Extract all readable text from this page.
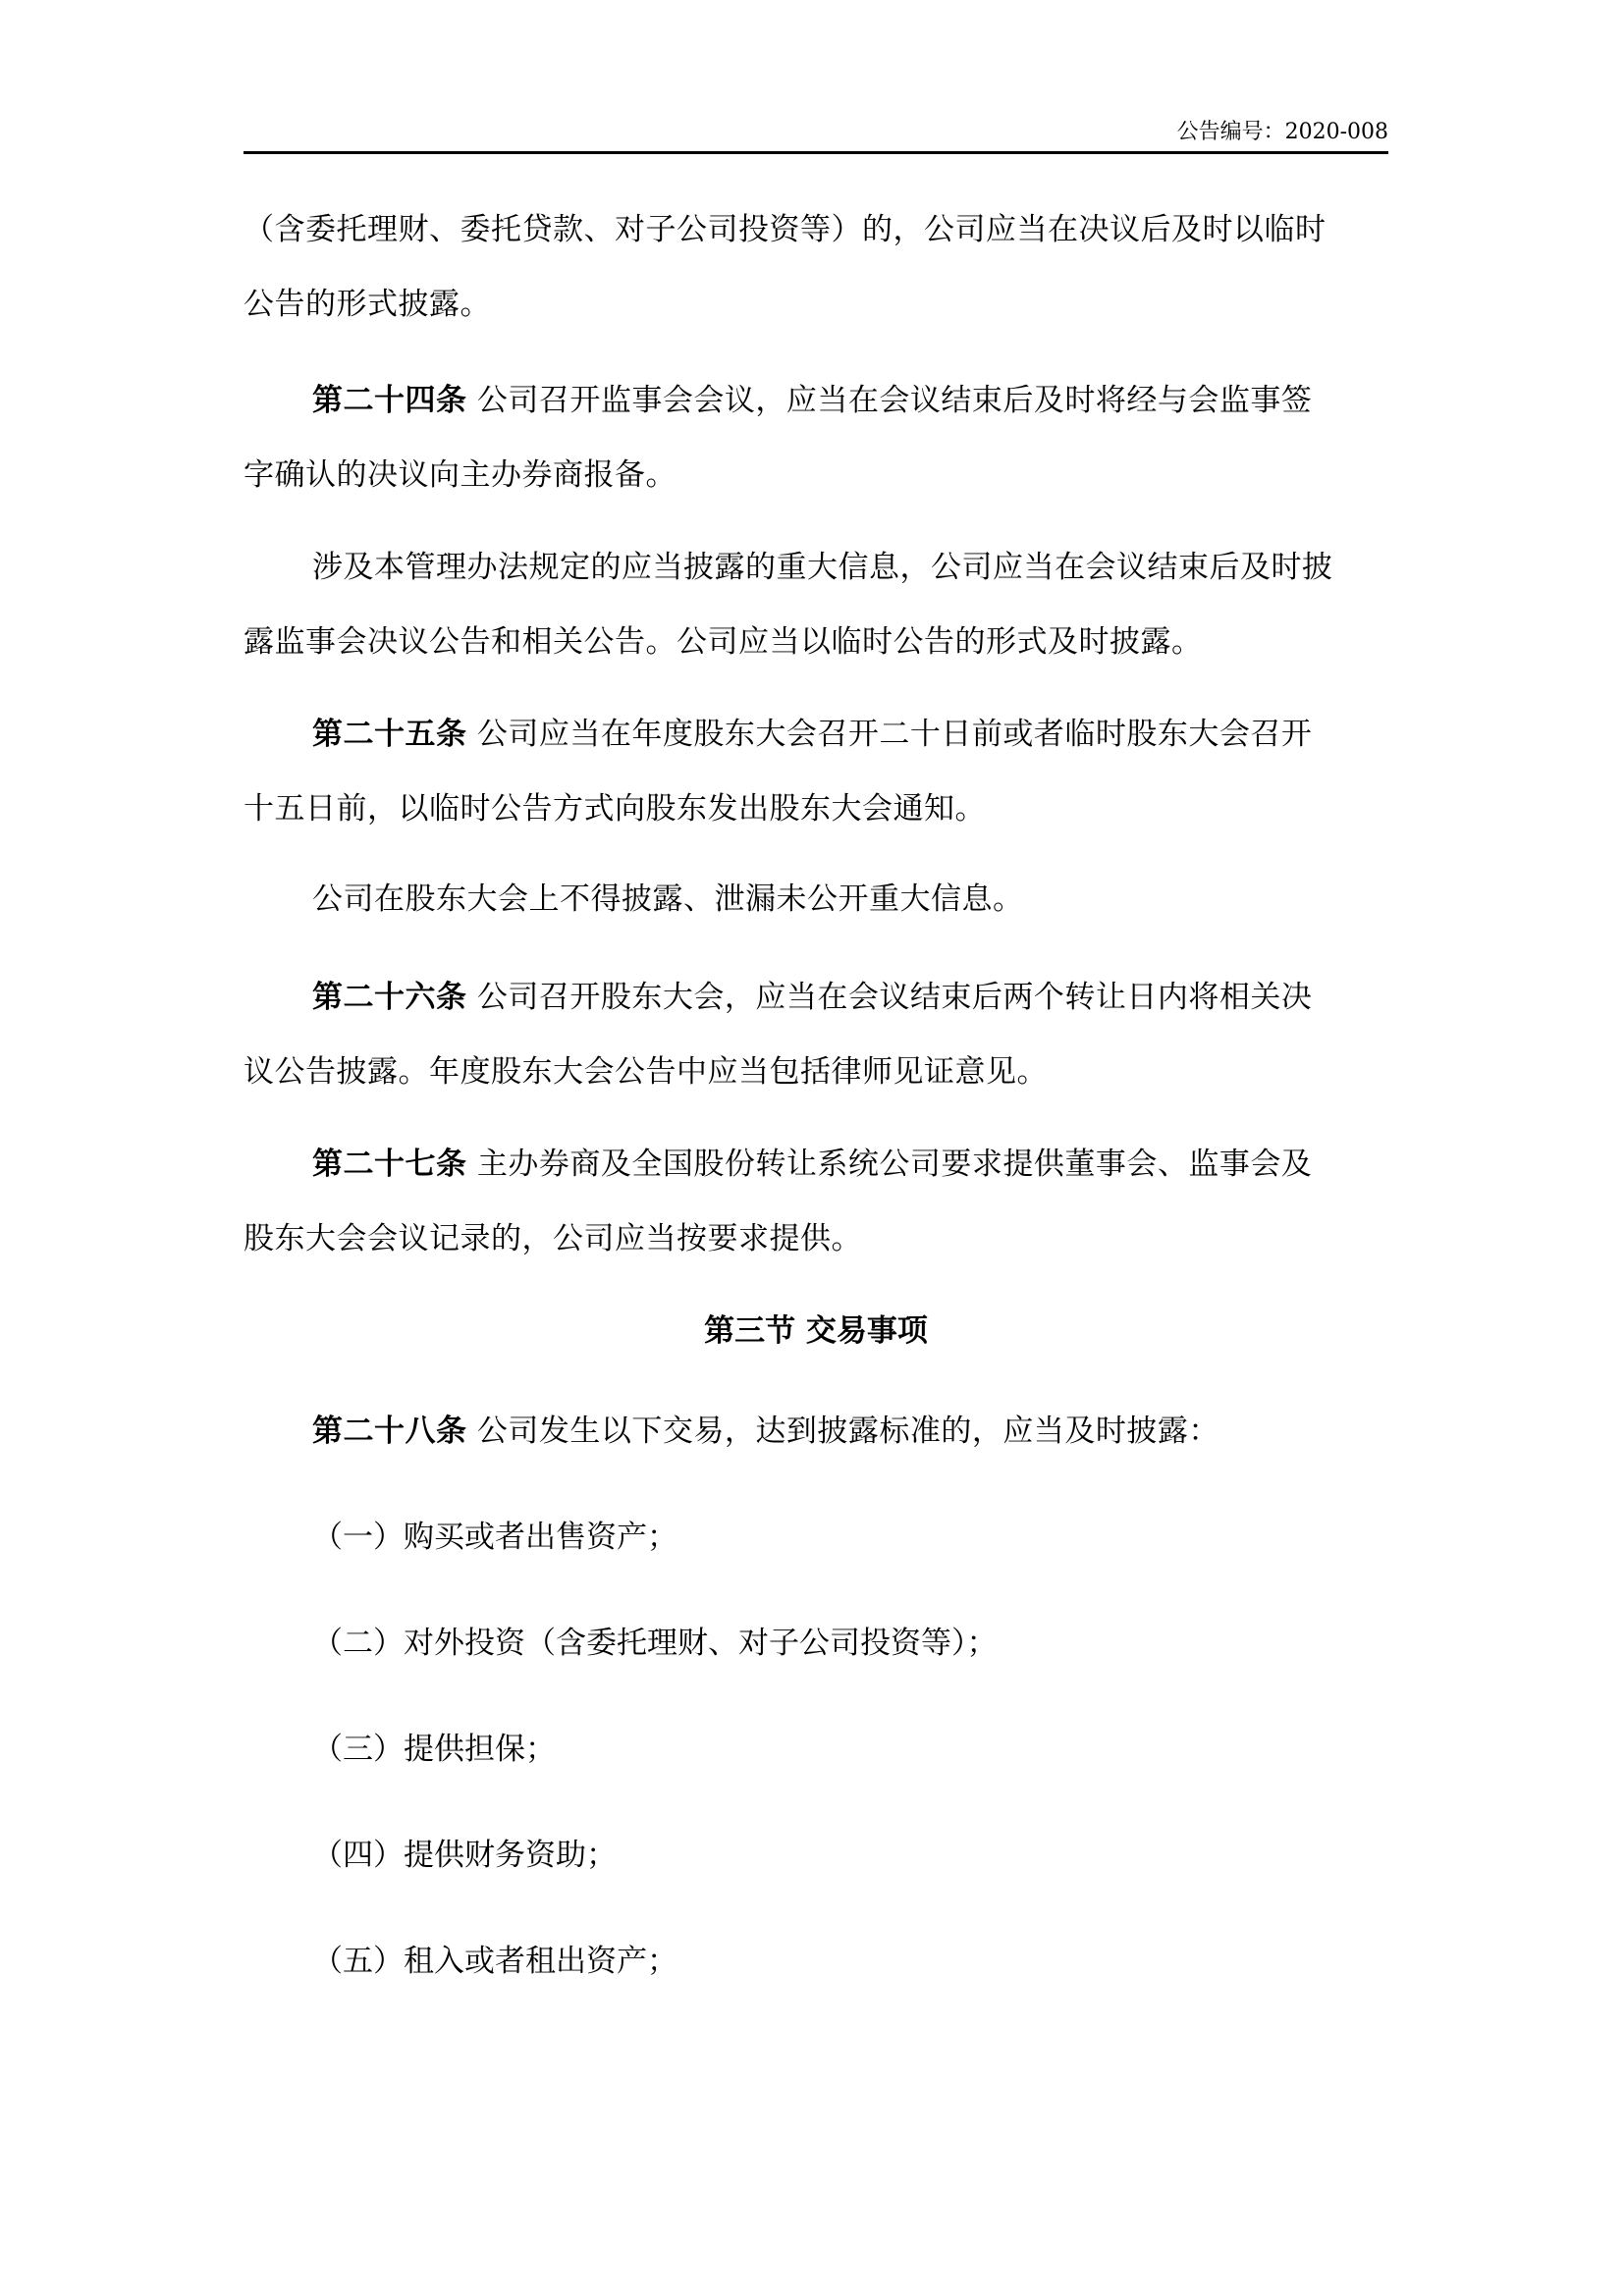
公告编号：2020-008
（含委托理财、委托贷款、对子公司投资等）的，公司应当在决议后及时以临时
公告的形式披露。
第二十四条 公司召开监事会会议，应当在会议结束后及时将经与会监事签
字确认的决议向主办券商报备。
涉及本管理办法规定的应当披露的重大信息，公司应当在会议结束后及时披
露监事会决议公告和相关公告。公司应当以临时公告的形式及时披露。
第二十五条 公司应当在年度股东大会召开二十日前或者临时股东大会召开
十五日前，以临时公告方式向股东发出股东大会通知。
公司在股东大会上不得披露、泄漏未公开重大信息。
第二十六条 公司召开股东大会，应当在会议结束后两个转让日内将相关决
议公告披露。年度股东大会公告中应当包括律师见证意见。
第二十七条 主办券商及全国股份转让系统公司要求提供董事会、监事会及
股东大会会议记录的，公司应当按要求提供。
第三节 交易事项
第二十八条 公司发生以下交易，达到披露标准的，应当及时披露：
（一）购买或者出售资产；
（二）对外投资（含委托理财、对子公司投资等）；
（三）提供担保；
（四）提供财务资助；
（五）租入或者租出资产；
